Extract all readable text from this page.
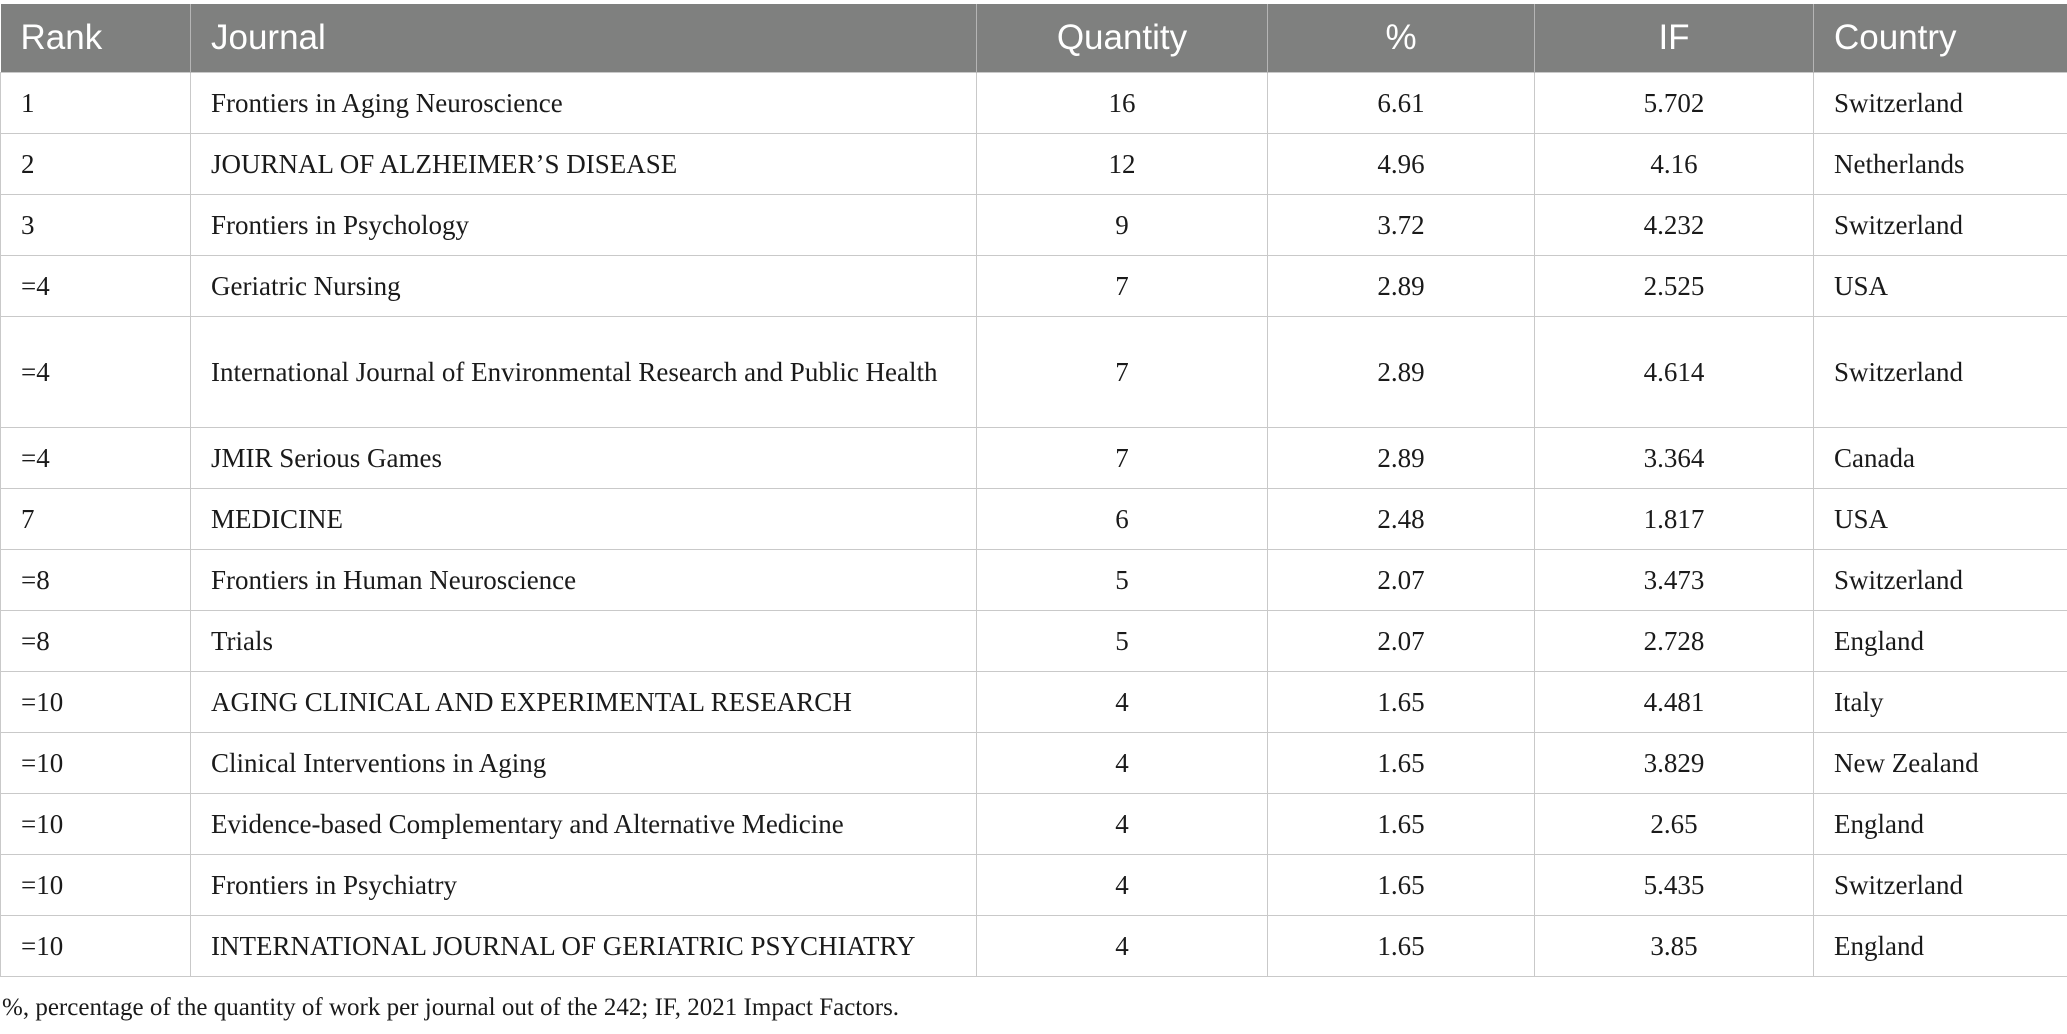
Rank	Journal	Quantity	%	IF	Country
1	Frontiers in Aging Neuroscience	16	6.61	5.702	Switzerland
2	JOURNAL OF ALZHEIMER’S DISEASE	12	4.96	4.16	Netherlands
3	Frontiers in Psychology	9	3.72	4.232	Switzerland
=4	Geriatric Nursing	7	2.89	2.525	USA
=4	International Journal of Environmental Research and Public Health	7	2.89	4.614	Switzerland
=4	JMIR Serious Games	7	2.89	3.364	Canada
7	MEDICINE	6	2.48	1.817	USA
=8	Frontiers in Human Neuroscience	5	2.07	3.473	Switzerland
=8	Trials	5	2.07	2.728	England
=10	AGING CLINICAL AND EXPERIMENTAL RESEARCH	4	1.65	4.481	Italy
=10	Clinical Interventions in Aging	4	1.65	3.829	New Zealand
=10	Evidence-based Complementary and Alternative Medicine	4	1.65	2.65	England
=10	Frontiers in Psychiatry	4	1.65	5.435	Switzerland
=10	INTERNATIONAL JOURNAL OF GERIATRIC PSYCHIATRY	4	1.65	3.85	England

%, percentage of the quantity of work per journal out of the 242; IF, 2021 Impact Factors.
